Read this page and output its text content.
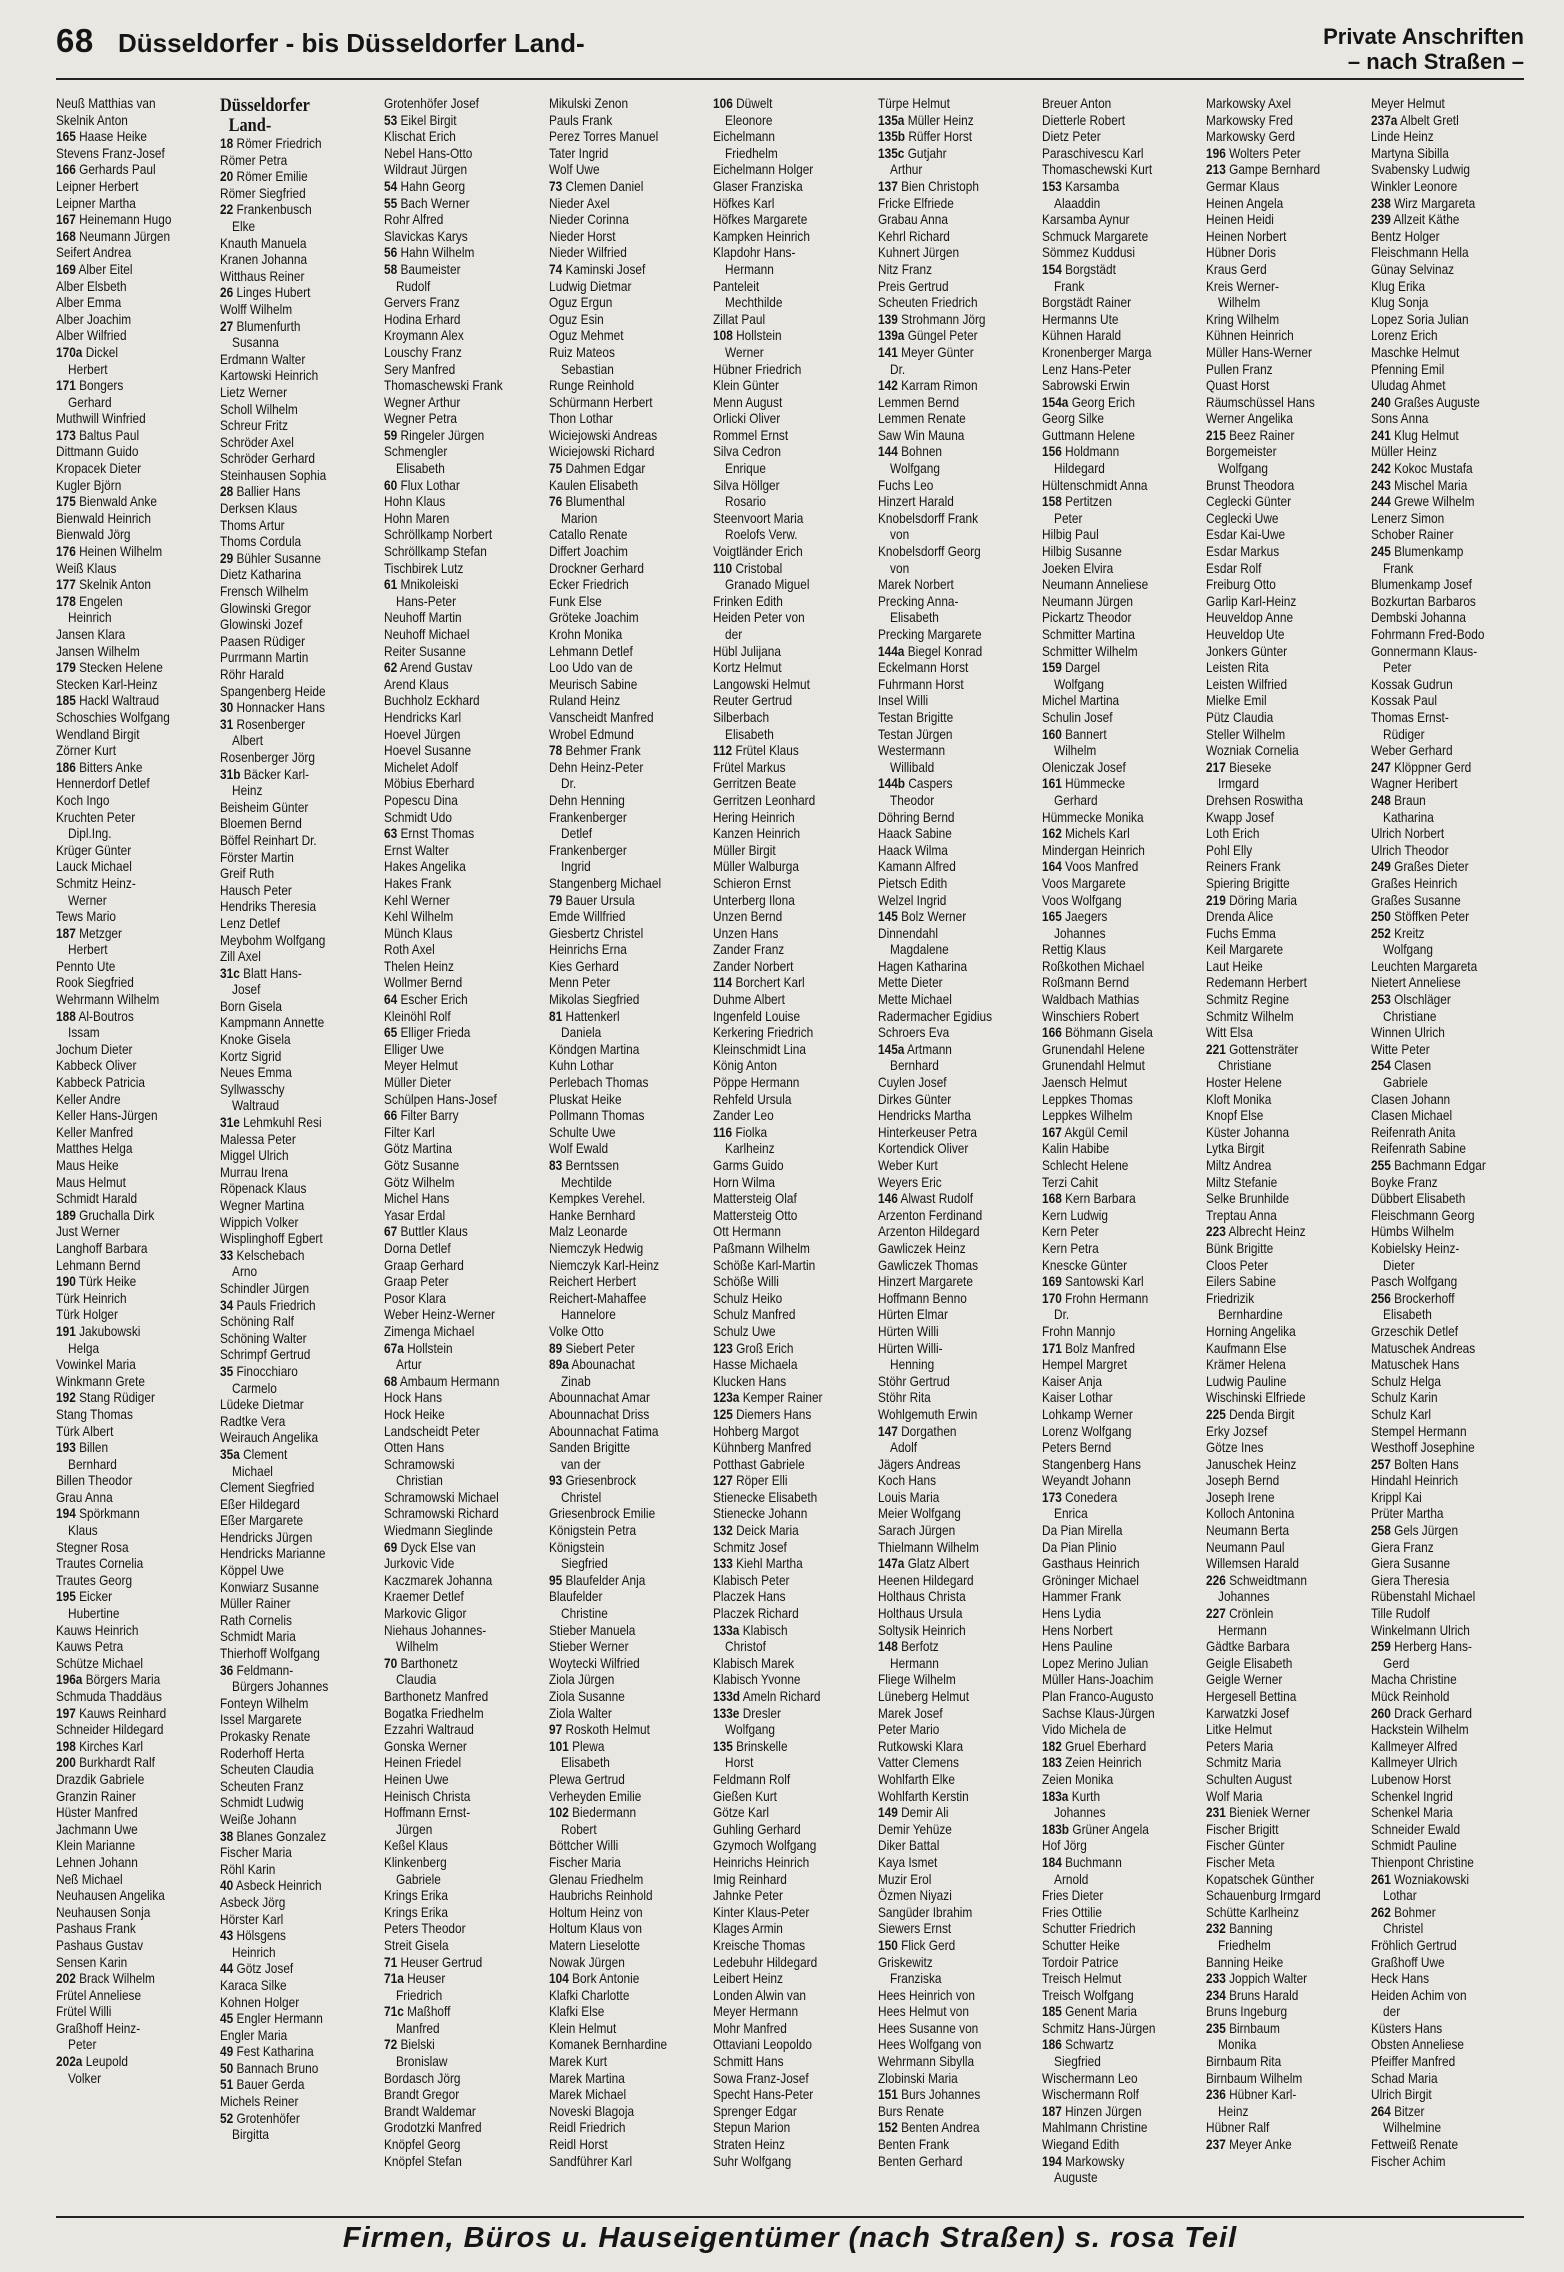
68 Düsseldorfer - bis Düsseldorfer Land-	Private Anschriften
– nach Straßen –
Neuß Matthias van
Skelnik Anton
165 Haase Heike
Stevens Franz-Josef
166 Gerhards Paul
Leipner Herbert
Leipner Martha
167 Heinemann Hugo
168 Neumann Jürgen
Seifert Andrea
169 Alber Eitel
Alber Elsbeth
Alber Emma
Alber Joachim
Alber Wilfried
170a Dickel
Herbert
171 Bongers
Gerhard
Muthwill Winfried
173 Baltus Paul
Dittmann Guido
Kropacek Dieter
Kugler Björn
175 Bienwald Anke
Bienwald Heinrich
Bienwald Jörg
176 Heinen Wilhelm
Weiß Klaus
177 Skelnik Anton
178 Engelen
Heinrich
Jansen Klara
Jansen Wilhelm
179 Stecken Helene
Stecken Karl-Heinz
185 Hackl Waltraud
Schoschies Wolfgang
Wendland Birgit
Zörner Kurt
186 Bitters Anke
Hennerdorf Detlef
Koch Ingo
Kruchten Peter
Dipl.Ing.
Krüger Günter
Lauck Michael
Schmitz Heinz-
Werner
Tews Mario
187 Metzger
Herbert
Pennto Ute
Rook Siegfried
Wehrmann Wilhelm
188 Al-Boutros
Issam
Jochum Dieter
Kabbeck Oliver
Kabbeck Patricia
Keller Andre
Keller Hans-Jürgen
Keller Manfred
Matthes Helga
Maus Heike
Maus Helmut
Schmidt Harald
189 Gruchalla Dirk
Just Werner
Langhoff Barbara
Lehmann Bernd
190 Türk Heike
Türk Heinrich
Türk Holger
191 Jakubowski
Helga
Vowinkel Maria
Winkmann Grete
192 Stang Rüdiger
Stang Thomas
Türk Albert
193 Billen
Bernhard
Billen Theodor
Grau Anna
194 Spörkmann
Klaus
Stegner Rosa
Trautes Cornelia
Trautes Georg
195 Eicker
Hubertine
Kauws Heinrich
Kauws Petra
Schütze Michael
196a Börgers Maria
Schmuda Thaddäus
197 Kauws Reinhard
Schneider Hildegard
198 Kirches Karl
200 Burkhardt Ralf
Drazdik Gabriele
Granzin Rainer
Hüster Manfred
Jachmann Uwe
Klein Marianne
Lehnen Johann
Neß Michael
Neuhausen Angelika
Neuhausen Sonja
Pashaus Frank
Pashaus Gustav
Sensen Karin
202 Brack Wilhelm
Frütel Anneliese
Frütel Willi
Graßhoff Heinz-
Peter
202a Leupold
Volker
Düsseldorfer
Land-
18 Römer Friedrich
Römer Petra
20 Römer Emilie
Römer Siegfried
22 Frankenbusch
Elke
Knauth Manuela
Kranen Johanna
Witthaus Reiner
26 Linges Hubert
Wolff Wilhelm
27 Blumenfurth
Susanna
Erdmann Walter
Kartowski Heinrich
Lietz Werner
Scholl Wilhelm
Schreur Fritz
Schröder Axel
Schröder Gerhard
Steinhausen Sophia
28 Ballier Hans
Derksen Klaus
Thoms Artur
Thoms Cordula
29 Bühler Susanne
Dietz Katharina
Frensch Wilhelm
Glowinski Gregor
Glowinski Jozef
Paasen Rüdiger
Purrmann Martin
Röhr Harald
Spangenberg Heide
30 Honnacker Hans
31 Rosenberger
Albert
Rosenberger Jörg
31b Bäcker Karl-
Heinz
Beisheim Günter
Bloemen Bernd
Böffel Reinhart Dr.
Förster Martin
Greif Ruth
Hausch Peter
Hendriks Theresia
Lenz Detlef
Meybohm Wolfgang
Zill Axel
31c Blatt Hans-
Josef
Born Gisela
Kampmann Annette
Knoke Gisela
Kortz Sigrid
Neues Emma
Syllwasschy
Waltraud
31e Lehmkuhl Resi
Malessa Peter
Miggel Ulrich
Murrau Irena
Röpenack Klaus
Wegner Martina
Wippich Volker
Wisplinghoff Egbert
33 Kelschebach
Arno
Schindler Jürgen
34 Pauls Friedrich
Schöning Ralf
Schöning Walter
Schrimpf Gertrud
35 Finocchiaro
Carmelo
Lüdeke Dietmar
Radtke Vera
Weirauch Angelika
35a Clement
Michael
Clement Siegfried
Eßer Hildegard
Eßer Margarete
Hendricks Jürgen
Hendricks Marianne
Köppel Uwe
Konwiarz Susanne
Müller Rainer
Rath Cornelis
Schmidt Maria
Thierhoff Wolfgang
36 Feldmann-
Bürgers Johannes
Fonteyn Wilhelm
Issel Margarete
Prokasky Renate
Roderhoff Herta
Scheuten Claudia
Scheuten Franz
Schmidt Ludwig
Weiße Johann
38 Blanes Gonzalez
Fischer Maria
Röhl Karin
40 Asbeck Heinrich
Asbeck Jörg
Hörster Karl
43 Hölsgens
Heinrich
44 Götz Josef
Karaca Silke
Kohnen Holger
45 Engler Hermann
Engler Maria
49 Fest Katharina
50 Bannach Bruno
51 Bauer Gerda
Michels Reiner
52 Grotenhöfer
Birgitta
Grotenhöfer Josef
53 Eikel Birgit
Klischat Erich
Nebel Hans-Otto
Wildraut Jürgen
54 Hahn Georg
55 Bach Werner
Rohr Alfred
Slavickas Karys
56 Hahn Wilhelm
58 Baumeister
Rudolf
Gervers Franz
Hodina Erhard
Kroymann Alex
Louschy Franz
Sery Manfred
Thomaschewski Frank
Wegner Arthur
Wegner Petra
59 Ringeler Jürgen
Schmengler
Elisabeth
60 Flux Lothar
Hohn Klaus
Hohn Maren
Schröllkamp Norbert
Schröllkamp Stefan
Tischbirek Lutz
61 Mnikoleiski
Hans-Peter
Neuhoff Martin
Neuhoff Michael
Reiter Susanne
62 Arend Gustav
Arend Klaus
Buchholz Eckhard
Hendricks Karl
Hoevel Jürgen
Hoevel Susanne
Michelet Adolf
Möbius Eberhard
Popescu Dina
Schmidt Udo
63 Ernst Thomas
Ernst Walter
Hakes Angelika
Hakes Frank
Kehl Werner
Kehl Wilhelm
Münch Klaus
Roth Axel
Thelen Heinz
Wollmer Bernd
64 Escher Erich
Kleinöhl Rolf
65 Elliger Frieda
Elliger Uwe
Meyer Helmut
Müller Dieter
Schülpen Hans-Josef
66 Filter Barry
Filter Karl
Götz Martina
Götz Susanne
Götz Wilhelm
Michel Hans
Yasar Erdal
67 Buttler Klaus
Dorna Detlef
Graap Gerhard
Graap Peter
Posor Klara
Weber Heinz-Werner
Zimenga Michael
67a Hollstein
Artur
68 Ambaum Hermann
Hock Hans
Hock Heike
Landscheidt Peter
Otten Hans
Schramowski
Christian
Schramowski Michael
Schramowski Richard
Wiedmann Sieglinde
69 Dyck Else van
Jurkovic Vide
Kaczmarek Johanna
Kraemer Detlef
Markovic Gligor
Niehaus Johannes-
Wilhelm
70 Barthonetz
Claudia
Barthonetz Manfred
Bogatka Friedhelm
Ezzahri Waltraud
Gonska Werner
Heinen Friedel
Heinen Uwe
Heinisch Christa
Hoffmann Ernst-
Jürgen
Keßel Klaus
Klinkenberg
Gabriele
Krings Erika
Krings Erika
Peters Theodor
Streit Gisela
71 Heuser Gertrud
71a Heuser
Friedrich
71c Maßhoff
Manfred
72 Bielski
Bronislaw
Bordasch Jörg
Brandt Gregor
Brandt Waldemar
Grodotzki Manfred
Knöpfel Georg
Knöpfel Stefan
Mikulski Zenon
Pauls Frank
Perez Torres Manuel
Tater Ingrid
Wolf Uwe
73 Clemen Daniel
Nieder Axel
Nieder Corinna
Nieder Horst
Nieder Wilfried
74 Kaminski Josef
Ludwig Dietmar
Oguz Ergun
Oguz Esin
Oguz Mehmet
Ruiz Mateos
Sebastian
Runge Reinhold
Schürmann Herbert
Thon Lothar
Wiciejowski Andreas
Wiciejowski Richard
75 Dahmen Edgar
Kaulen Elisabeth
76 Blumenthal
Marion
Catallo Renate
Differt Joachim
Drockner Gerhard
Ecker Friedrich
Funk Else
Gröteke Joachim
Krohn Monika
Lehmann Detlef
Loo Udo van de
Meurisch Sabine
Ruland Heinz
Vanscheidt Manfred
Wrobel Edmund
78 Behmer Frank
Dehn Heinz-Peter
Dr.
Dehn Henning
Frankenberger
Detlef
Frankenberger
Ingrid
Stangenberg Michael
79 Bauer Ursula
Emde Willfried
Giesbertz Christel
Heinrichs Erna
Kies Gerhard
Menn Peter
Mikolas Siegfried
81 Hattenkerl
Daniela
Köndgen Martina
Kuhn Lothar
Perlebach Thomas
Pluskat Heike
Pollmann Thomas
Schulte Uwe
Wolf Ewald
83 Berntssen
Mechtilde
Kempkes Verehel.
Hanke Bernhard
Malz Leonarde
Niemczyk Hedwig
Niemczyk Karl-Heinz
Reichert Herbert
Reichert-Mahaffee
Hannelore
Volke Otto
89 Siebert Peter
89a Abounachat
Zinab
Abounnachat Amar
Abounnachat Driss
Abounnachat Fatima
Sanden Brigitte
van der
93 Griesenbrock
Christel
Griesenbrock Emilie
Königstein Petra
Königstein
Siegfried
95 Blaufelder Anja
Blaufelder
Christine
Stieber Manuela
Stieber Werner
Woytecki Wilfried
Ziola Jürgen
Ziola Susanne
Ziola Walter
97 Roskoth Helmut
101 Plewa
Elisabeth
Plewa Gertrud
Verheyden Emilie
102 Biedermann
Robert
Böttcher Willi
Fischer Maria
Glenau Friedhelm
Haubrichs Reinhold
Holtum Heinz von
Holtum Klaus von
Matern Lieselotte
Nowak Jürgen
104 Bork Antonie
Klafki Charlotte
Klafki Else
Klein Helmut
Komanek Bernhardine
Marek Kurt
Marek Martina
Marek Michael
Noveski Blagoja
Reidl Friedrich
Reidl Horst
Sandführer Karl
106 Düwelt
Eleonore
Eichelmann
Friedhelm
Eichelmann Holger
Glaser Franziska
Höfkes Karl
Höfkes Margarete
Kampken Heinrich
Klapdohr Hans-
Hermann
Panteleit
Mechthilde
Zillat Paul
108 Hollstein
Werner
Hübner Friedrich
Klein Günter
Menn August
Orlicki Oliver
Rommel Ernst
Silva Cedron
Enrique
Silva Höllger
Rosario
Steenvoort Maria
Roelofs Verw.
Voigtländer Erich
110 Cristobal
Granado Miguel
Frinken Edith
Heiden Peter von
der
Hübl Julijana
Kortz Helmut
Langowski Helmut
Reuter Gertrud
Silberbach
Elisabeth
112 Frütel Klaus
Frütel Markus
Gerritzen Beate
Gerritzen Leonhard
Hering Heinrich
Kanzen Heinrich
Müller Birgit
Müller Walburga
Schieron Ernst
Unterberg Ilona
Unzen Bernd
Unzen Hans
Zander Franz
Zander Norbert
114 Borchert Karl
Duhme Albert
Ingenfeld Louise
Kerkering Friedrich
Kleinschmidt Lina
König Anton
Pöppe Hermann
Rehfeld Ursula
Zander Leo
116 Fiolka
Karlheinz
Garms Guido
Horn Wilma
Mattersteig Olaf
Mattersteig Otto
Ott Hermann
Paßmann Wilhelm
Schöße Karl-Martin
Schöße Willi
Schulz Heiko
Schulz Manfred
Schulz Uwe
123 Groß Erich
Hasse Michaela
Klucken Hans
123a Kemper Rainer
125 Diemers Hans
Hohberg Margot
Kühnberg Manfred
Potthast Gabriele
127 Röper Elli
Stienecke Elisabeth
Stienecke Johann
132 Deick Maria
Schmitz Josef
133 Kiehl Martha
Klabisch Peter
Placzek Hans
Placzek Richard
133a Klabisch
Christof
Klabisch Marek
Klabisch Yvonne
133d Ameln Richard
133e Dresler
Wolfgang
135 Brinskelle
Horst
Feldmann Rolf
Gießen Kurt
Götze Karl
Guhling Gerhard
Gzymoch Wolfgang
Heinrichs Heinrich
Imig Reinhard
Jahnke Peter
Kinter Klaus-Peter
Klages Armin
Kreische Thomas
Ledebuhr Hildegard
Leibert Heinz
Londen Alwin van
Meyer Hermann
Mohr Manfred
Ottaviani Leopoldo
Schmitt Hans
Sowa Franz-Josef
Specht Hans-Peter
Sprenger Edgar
Stepun Marion
Straten Heinz
Suhr Wolfgang
Türpe Helmut
135a Müller Heinz
135b Rüffer Horst
135c Gutjahr
Arthur
137 Bien Christoph
Fricke Elfriede
Grabau Anna
Kehrl Richard
Kuhnert Jürgen
Nitz Franz
Preis Gertrud
Scheuten Friedrich
139 Strohmann Jörg
139a Güngel Peter
141 Meyer Günter
Dr.
142 Karram Rimon
Lemmen Bernd
Lemmen Renate
Saw Win Mauna
144 Bohnen
Wolfgang
Fuchs Leo
Hinzert Harald
Knobelsdorff Frank
von
Knobelsdorff Georg
von
Marek Norbert
Precking Anna-
Elisabeth
Precking Margarete
144a Biegel Konrad
Eckelmann Horst
Fuhrmann Horst
Insel Willi
Testan Brigitte
Testan Jürgen
Westermann
Willibald
144b Caspers
Theodor
Döhring Bernd
Haack Sabine
Haack Wilma
Kamann Alfred
Pietsch Edith
Welzel Ingrid
145 Bolz Werner
Dinnendahl
Magdalene
Hagen Katharina
Mette Dieter
Mette Michael
Radermacher Egidius
Schroers Eva
145a Artmann
Bernhard
Cuylen Josef
Dirkes Günter
Hendricks Martha
Hinterkeuser Petra
Kortendick Oliver
Weber Kurt
Weyers Eric
146 Alwast Rudolf
Arzenton Ferdinand
Arzenton Hildegard
Gawliczek Heinz
Gawliczek Thomas
Hinzert Margarete
Hoffmann Benno
Hürten Elmar
Hürten Willi
Hürten Willi-
Henning
Stöhr Gertrud
Stöhr Rita
Wohlgemuth Erwin
147 Dorgathen
Adolf
Jägers Andreas
Koch Hans
Louis Maria
Meier Wolfgang
Sarach Jürgen
Thielmann Wilhelm
147a Glatz Albert
Heenen Hildegard
Holthaus Christa
Holthaus Ursula
Soltysik Heinrich
148 Berfotz
Hermann
Fliege Wilhelm
Lüneberg Helmut
Marek Josef
Peter Mario
Rutkowski Klara
Vatter Clemens
Wohlfarth Elke
Wohlfarth Kerstin
149 Demir Ali
Demir Yehüze
Diker Battal
Kaya Ismet
Muzir Erol
Özmen Niyazi
Sangüder Ibrahim
Siewers Ernst
150 Flick Gerd
Griskewitz
Franziska
Hees Heinrich von
Hees Helmut von
Hees Susanne von
Hees Wolfgang von
Wehrmann Sibylla
Zlobinski Maria
151 Burs Johannes
Burs Renate
152 Benten Andrea
Benten Frank
Benten Gerhard
Breuer Anton
Dietterle Robert
Dietz Peter
Paraschivescu Karl
Thomaschewski Kurt
153 Karsamba
Alaaddin
Karsamba Aynur
Schmuck Margarete
Sömmez Kuddusi
154 Borgstädt
Frank
Borgstädt Rainer
Hermanns Ute
Kühnen Harald
Kronenberger Marga
Lenz Hans-Peter
Sabrowski Erwin
154a Georg Erich
Georg Silke
Guttmann Helene
156 Holdmann
Hildegard
Hültenschmidt Anna
158 Pertitzen
Peter
Hilbig Paul
Hilbig Susanne
Joeken Elvira
Neumann Anneliese
Neumann Jürgen
Pickartz Theodor
Schmitter Martina
Schmitter Wilhelm
159 Dargel
Wolfgang
Michel Martina
Schulin Josef
160 Bannert
Wilhelm
Oleniczak Josef
161 Hümmecke
Gerhard
Hümmecke Monika
162 Michels Karl
Mindergan Heinrich
164 Voos Manfred
Voos Margarete
Voos Wolfgang
165 Jaegers
Johannes
Rettig Klaus
Roßkothen Michael
Roßmann Bernd
Waldbach Mathias
Winschiers Robert
166 Böhmann Gisela
Grunendahl Helene
Grunendahl Helmut
Jaensch Helmut
Leppkes Thomas
Leppkes Wilhelm
167 Akgül Cemil
Kalin Habibe
Schlecht Helene
Terzi Cahit
168 Kern Barbara
Kern Ludwig
Kern Peter
Kern Petra
Knescke Günter
169 Santowski Karl
170 Frohn Hermann
Dr.
Frohn Mannjo
171 Bolz Manfred
Hempel Margret
Kaiser Anja
Kaiser Lothar
Lohkamp Werner
Lorenz Wolfgang
Peters Bernd
Stangenberg Hans
Weyandt Johann
173 Conedera
Enrica
Da Pian Mirella
Da Pian Plinio
Gasthaus Heinrich
Gröninger Michael
Hammer Frank
Hens Lydia
Hens Norbert
Hens Pauline
Lopez Merino Julian
Müller Hans-Joachim
Plan Franco-Augusto
Sachse Klaus-Jürgen
Vido Michela de
182 Gruel Eberhard
183 Zeien Heinrich
Zeien Monika
183a Kurth
Johannes
183b Grüner Angela
Hof Jörg
184 Buchmann
Arnold
Fries Dieter
Fries Ottilie
Schutter Friedrich
Schutter Heike
Tordoir Patrice
Treisch Helmut
Treisch Wolfgang
185 Genent Maria
Schmitz Hans-Jürgen
186 Schwartz
Siegfried
Wischermann Leo
Wischermann Rolf
187 Hinzen Jürgen
Mahlmann Christine
Wiegand Edith
194 Markowsky
Auguste
Markowsky Axel
Markowsky Fred
Markowsky Gerd
196 Wolters Peter
213 Gampe Bernhard
Germar Klaus
Heinen Angela
Heinen Heidi
Heinen Norbert
Hübner Doris
Kraus Gerd
Kreis Werner-
Wilhelm
Kring Wilhelm
Kühnen Heinrich
Müller Hans-Werner
Pullen Franz
Quast Horst
Räumschüssel Hans
Werner Angelika
215 Beez Rainer
Borgemeister
Wolfgang
Brunst Theodora
Ceglecki Günter
Ceglecki Uwe
Esdar Kai-Uwe
Esdar Markus
Esdar Rolf
Freiburg Otto
Garlip Karl-Heinz
Heuveldop Anne
Heuveldop Ute
Jonkers Günter
Leisten Rita
Leisten Wilfried
Mielke Emil
Pütz Claudia
Steller Wilhelm
Wozniak Cornelia
217 Bieseke
Irmgard
Drehsen Roswitha
Kwapp Josef
Loth Erich
Pohl Elly
Reiners Frank
Spiering Brigitte
219 Döring Maria
Drenda Alice
Fuchs Emma
Keil Margarete
Laut Heike
Redemann Herbert
Schmitz Regine
Schmitz Wilhelm
Witt Elsa
221 Gottensträter
Christiane
Hoster Helene
Kloft Monika
Knopf Else
Küster Johanna
Lytka Birgit
Miltz Andrea
Miltz Stefanie
Selke Brunhilde
Treptau Anna
223 Albrecht Heinz
Bünk Brigitte
Cloos Peter
Eilers Sabine
Friedrizik
Bernhardine
Horning Angelika
Kaufmann Else
Krämer Helena
Ludwig Pauline
Wischinski Elfriede
225 Denda Birgit
Erky Jozsef
Götze Ines
Januschek Heinz
Joseph Bernd
Joseph Irene
Kolloch Antonina
Neumann Berta
Neumann Paul
Willemsen Harald
226 Schweidtmann
Johannes
227 Crönlein
Hermann
Gädtke Barbara
Geigle Elisabeth
Geigle Werner
Hergesell Bettina
Karwatzki Josef
Litke Helmut
Peters Maria
Schmitz Maria
Schulten August
Wolf Maria
231 Bieniek Werner
Fischer Brigitt
Fischer Günter
Fischer Meta
Kopatschek Günther
Schauenburg Irmgard
Schütte Karlheinz
232 Banning
Friedhelm
Banning Heike
233 Joppich Walter
234 Bruns Harald
Bruns Ingeburg
235 Birnbaum
Monika
Birnbaum Rita
Birnbaum Wilhelm
236 Hübner Karl-
Heinz
Hübner Ralf
237 Meyer Anke
Meyer Helmut
237a Albelt Gretl
Linde Heinz
Martyna Sibilla
Svabensky Ludwig
Winkler Leonore
238 Wirz Margareta
239 Allzeit Käthe
Bentz Holger
Fleischmann Hella
Günay Selvinaz
Klug Erika
Klug Sonja
Lopez Soria Julian
Lorenz Erich
Maschke Helmut
Pfenning Emil
Uludag Ahmet
240 Graßes Auguste
Sons Anna
241 Klug Helmut
Müller Heinz
242 Kokoc Mustafa
243 Mischel Maria
244 Grewe Wilhelm
Lenerz Simon
Schober Rainer
245 Blumenkamp
Frank
Blumenkamp Josef
Bozkurtan Barbaros
Dembski Johanna
Fohrmann Fred-Bodo
Gonnermann Klaus-
Peter
Kossak Gudrun
Kossak Paul
Thomas Ernst-
Rüdiger
Weber Gerhard
247 Klöppner Gerd
Wagner Heribert
248 Braun
Katharina
Ulrich Norbert
Ulrich Theodor
249 Graßes Dieter
Graßes Heinrich
Graßes Susanne
250 Stöffken Peter
252 Kreitz
Wolfgang
Leuchten Margareta
Nietert Anneliese
253 Olschläger
Christiane
Winnen Ulrich
Witte Peter
254 Clasen
Gabriele
Clasen Johann
Clasen Michael
Reifenrath Anita
Reifenrath Sabine
255 Bachmann Edgar
Boyke Franz
Dübbert Elisabeth
Fleischmann Georg
Hümbs Wilhelm
Kobielsky Heinz-
Dieter
Pasch Wolfgang
256 Brockerhoff
Elisabeth
Grzeschik Detlef
Matuschek Andreas
Matuschek Hans
Schulz Helga
Schulz Karin
Schulz Karl
Stempel Hermann
Westhoff Josephine
257 Bolten Hans
Hindahl Heinrich
Krippl Kai
Prüter Martha
258 Gels Jürgen
Giera Franz
Giera Susanne
Giera Theresia
Rübenstahl Michael
Tille Rudolf
Winkelmann Ulrich
259 Herberg Hans-
Gerd
Macha Christine
Mück Reinhold
260 Drack Gerhard
Hackstein Wilhelm
Kallmeyer Alfred
Kallmeyer Ulrich
Lubenow Horst
Schenkel Ingrid
Schenkel Maria
Schneider Ewald
Schmidt Pauline
Thienpont Christine
261 Wozniakowski
Lothar
262 Bohmer
Christel
Fröhlich Gertrud
Graßhoff Uwe
Heck Hans
Heiden Achim von
der
Küsters Hans
Obsten Anneliese
Pfeiffer Manfred
Schad Maria
Ulrich Birgit
264 Bitzer
Wilhelmine
Fettweiß Renate
Fischer Achim
Firmen, Büros u. Hauseigentümer (nach Straßen) s. rosa Teil
